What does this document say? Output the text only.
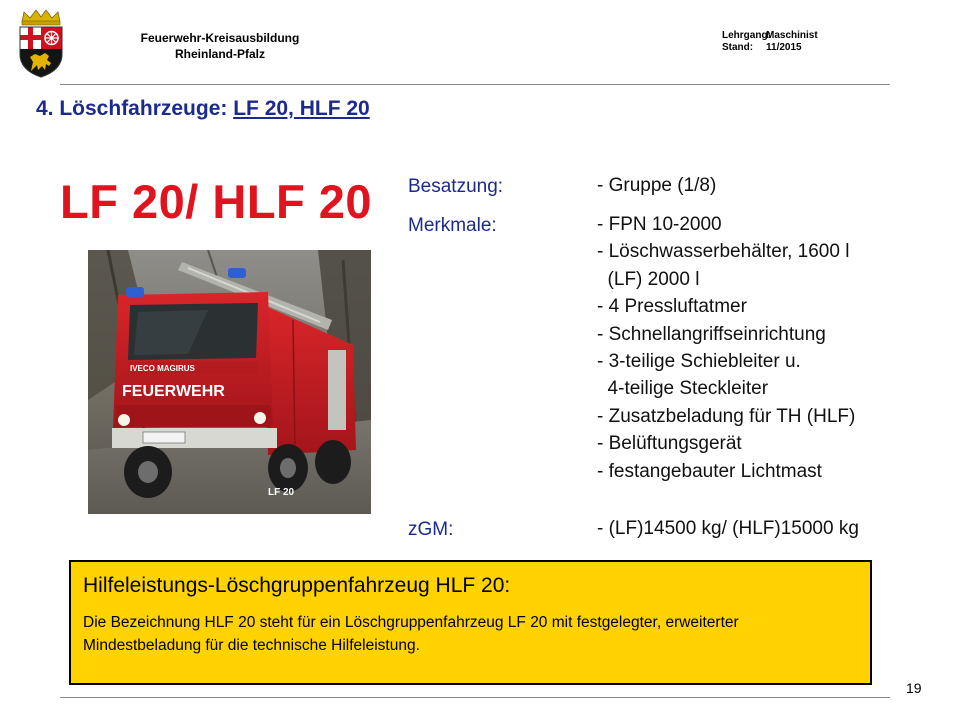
Feuerwehr-Kreisausbildung
Rheinland-Pfalz
Lehrgang:Maschinist
Stand: 11/2015
4. Löschfahrzeuge: LF 20, HLF 20
LF 20/ HLF 20
IVECO MAGIRUS
FEUERWEHR
LF 20
Besatzung:	- Gruppe (1/8)
Merkmale:	- FPN 10-2000
- Löschwasserbehälter, 1600 l
(LF) 2000 l
- 4 Pressluftatmer
- Schnellangriffseinrichtung
- 3-teilige Schiebleiter u.
4-teilige Steckleiter
- Zusatzbeladung für TH (HLF)
- Belüftungsgerät
- festangebauter Lichtmast
zGM:	- (LF)14500 kg/ (HLF)15000 kg
Hilfeleistungs-Löschgruppenfahrzeug HLF 20:
Die Bezeichnung HLF 20 steht für ein Löschgruppenfahrzeug LF 20 mit festgelegter, erweiterter Mindestbeladung für die technische Hilfeleistung.
19
